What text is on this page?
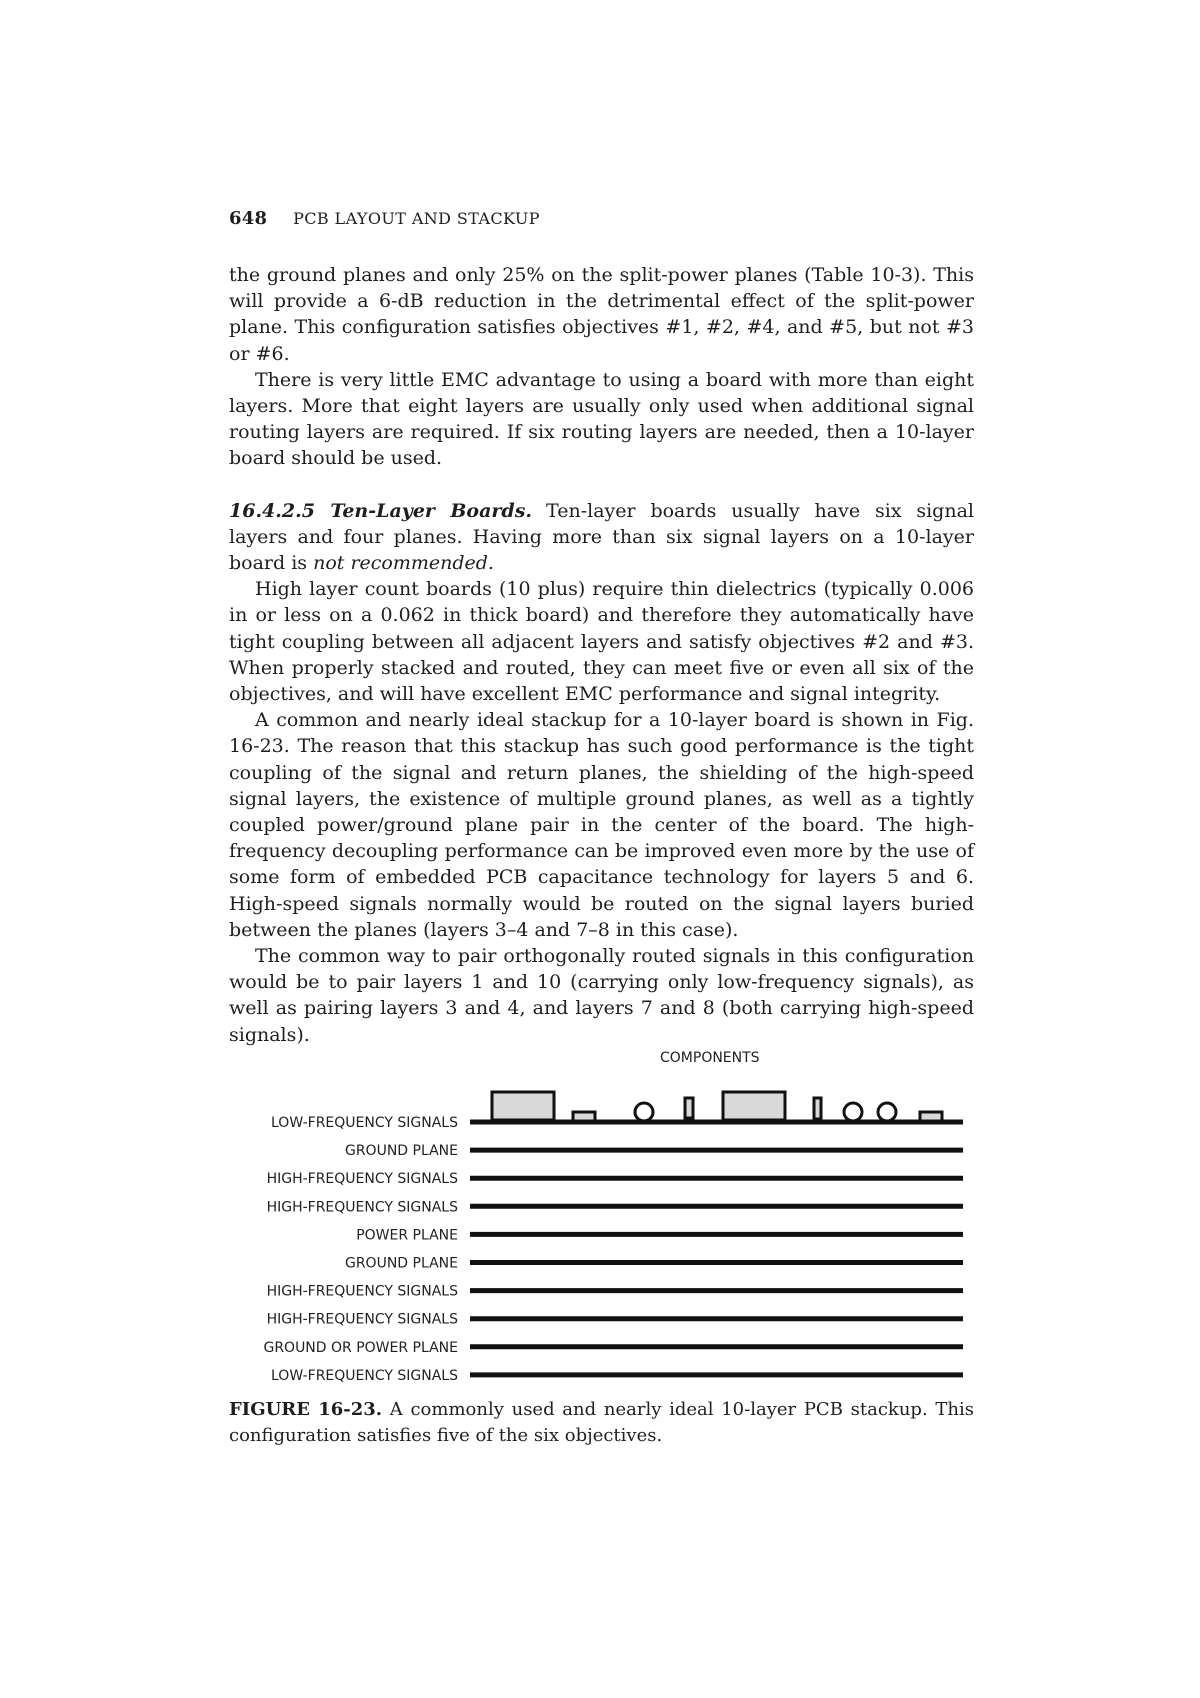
648 PCB LAYOUT AND STACKUP

the ground planes and only 25% on the split-power planes (Table 10-3). This will provide a 6-dB reduction in the detrimental effect of the split-power plane. This configuration satisfies objectives #1, #2, #4, and #5, but not #3 or #6.

There is very little EMC advantage to using a board with more than eight layers. More that eight layers are usually only used when additional signal routing layers are required. If six routing layers are needed, then a 10-layer board should be used.

16.4.2.5 Ten-Layer Boards. Ten-layer boards usually have six signal layers and four planes. Having more than six signal layers on a 10-layer board is not recommended.

High layer count boards (10 plus) require thin dielectrics (typically 0.006 in or less on a 0.062 in thick board) and therefore they automatically have tight coupling between all adjacent layers and satisfy objectives #2 and #3. When properly stacked and routed, they can meet five or even all six of the objectives, and will have excellent EMC performance and signal integrity.

A common and nearly ideal stackup for a 10-layer board is shown in Fig. 16-23. The reason that this stackup has such good performance is the tight coupling of the signal and return planes, the shielding of the high-speed signal layers, the existence of multiple ground planes, as well as a tightly coupled power/ground plane pair in the center of the board. The high-frequency decoupling performance can be improved even more by the use of some form of embedded PCB capacitance technology for layers 5 and 6. High-speed signals normally would be routed on the signal layers buried between the planes (layers 3–4 and 7–8 in this case).

The common way to pair orthogonally routed signals in this configuration would be to pair layers 1 and 10 (carrying only low-frequency signals), as well as pairing layers 3 and 4, and layers 7 and 8 (both carrying high-speed signals).

COMPONENTS
LOW-FREQUENCY SIGNALS
GROUND PLANE
HIGH-FREQUENCY SIGNALS
HIGH-FREQUENCY SIGNALS
POWER PLANE
GROUND PLANE
HIGH-FREQUENCY SIGNALS
HIGH-FREQUENCY SIGNALS
GROUND OR POWER PLANE
LOW-FREQUENCY SIGNALS
FIGURE 16-23. A commonly used and nearly ideal 10-layer PCB stackup. This configuration satisfies five of the six objectives.
